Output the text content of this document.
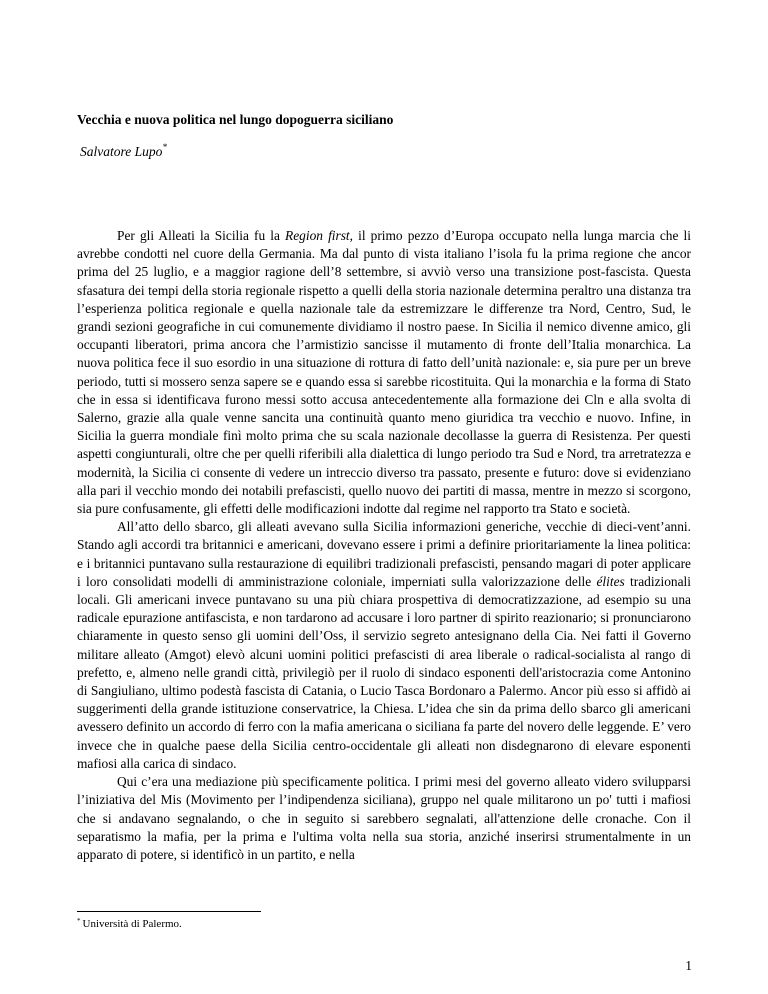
Vecchia e nuova politica nel lungo dopoguerra siciliano
Salvatore Lupo*

Per gli Alleati la Sicilia fu la Region first, il primo pezzo d’Europa occupato nella lunga marcia che li avrebbe condotti nel cuore della Germania. Ma dal punto di vista italiano l’isola fu la prima regione che ancor prima del 25 luglio, e a maggior ragione dell’8 settembre, si avviò verso una transizione post-fascista. Questa sfasatura dei tempi della storia regionale rispetto a quelli della storia nazionale determina peraltro una distanza tra l’esperienza politica regionale e quella nazionale tale da estremizzare le differenze tra Nord, Centro, Sud, le grandi sezioni geografiche in cui comunemente dividiamo il nostro paese. In Sicilia il nemico divenne amico, gli occupanti liberatori, prima ancora che l’armistizio sancisse il mutamento di fronte dell’Italia monarchica. La nuova politica fece il suo esordio in una situazione di rottura di fatto dell’unità nazionale: e, sia pure per un breve periodo, tutti si mossero senza sapere se e quando essa si sarebbe ricostituita. Qui la monarchia e la forma di Stato che in essa si identificava furono messi sotto accusa antecedentemente alla formazione dei Cln e alla svolta di Salerno, grazie alla quale venne sancita una continuità quanto meno giuridica tra vecchio e nuovo. Infine, in Sicilia la guerra mondiale finì molto prima che su scala nazionale decollasse la guerra di Resistenza. Per questi aspetti congiunturali, oltre che per quelli riferibili alla dialettica di lungo periodo tra Sud e Nord, tra arretratezza e modernità, la Sicilia ci consente di vedere un intreccio diverso tra passato, presente e futuro: dove si evidenziano alla pari il vecchio mondo dei notabili prefascisti, quello nuovo dei partiti di massa, mentre in mezzo si scorgono, sia pure confusamente, gli effetti delle modificazioni indotte dal regime nel rapporto tra Stato e società.

All’atto dello sbarco, gli alleati avevano sulla Sicilia informazioni generiche, vecchie di dieci-vent’anni. Stando agli accordi tra britannici e americani, dovevano essere i primi a definire prioritariamente la linea politica: e i britannici puntavano sulla restaurazione di equilibri tradizionali prefascisti, pensando magari di poter applicare i loro consolidati modelli di amministrazione coloniale, imperniati sulla valorizzazione delle élites tradizionali locali. Gli americani invece puntavano su una più chiara prospettiva di democratizzazione, ad esempio su una radicale epurazione antifascista, e non tardarono ad accusare i loro partner di spirito reazionario; si pronunciarono chiaramente in questo senso gli uomini dell’Oss, il servizio segreto antesignano della Cia. Nei fatti il Governo militare alleato (Amgot) elevò alcuni uomini politici prefascisti di area liberale o radical-socialista al rango di prefetto, e, almeno nelle grandi città, privilegiò per il ruolo di sindaco esponenti dell'aristocrazia come Antonino di Sangiuliano, ultimo podestà fascista di Catania, o Lucio Tasca Bordonaro a Palermo. Ancor più esso si affidò ai suggerimenti della grande istituzione conservatrice, la Chiesa. L’idea che sin da prima dello sbarco gli americani avessero definito un accordo di ferro con la mafia americana o siciliana fa parte del novero delle leggende. E’ vero invece che in qualche paese della Sicilia centro-occidentale gli alleati non disdegnarono di elevare esponenti mafiosi alla carica di sindaco.

Qui c’era una mediazione più specificamente politica. I primi mesi del governo alleato videro svilupparsi l’iniziativa del Mis (Movimento per l’indipendenza siciliana), gruppo nel quale militarono un po' tutti i mafiosi che si andavano segnalando, o che in seguito si sarebbero segnalati, all'attenzione delle cronache. Con il separatismo la mafia, per la prima e l'ultima volta nella sua storia, anziché inserirsi strumentalmente in un apparato di potere, si identificò in un partito, e nella

* Università di Palermo.
1
